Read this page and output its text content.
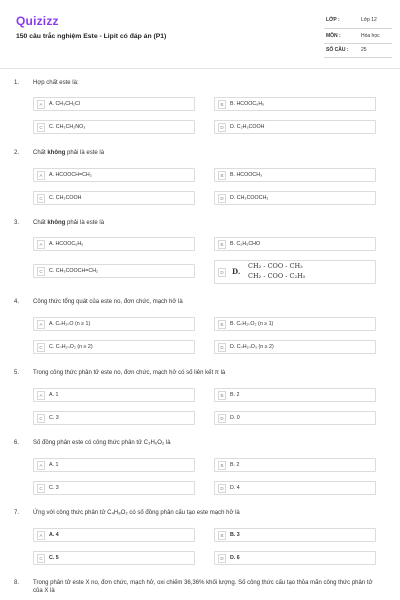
Quizizz
150 câu trắc nghiệm Este - Lipit có đáp án (P1)
LỚP :	Lớp 12
MÔN :	Hóa học
SỐ CÂU :	25
1. Hợp chất este là:
A	A. CH₃CH₂Cl	B	B. HCOOC₆H₅
C	C. CH₃CH₂NO₃	D	D. C₂H₅COOH
2. Chất không phải là este là
A	A. HCOOCH=CH₂	B	B. HCOOCH₃
C	C. CH₃COOH	D	D. CH₃COOCH₃
3. Chất không phải là este là
A	A. HCOOC₆H₅	B	B. C₂H₅CHO
C	C. CH₃COOCH=CH₂	D	D.
CH₂ - COO - CH₃
CH₂ - COO - C₂H₅
4. Công thức tổng quát của este no, đơn chức, mạch hở là
A	A. CₙH₂ₙO (n ≥ 1)	B	B. CₙH₂ₙO₂ (n ≥ 1)
C	C. CₙH₂ₙO₂ (n ≥ 2)	D	D. CₙH₂ₙO₃ (n ≥ 2)
5. Trong công thức phân tử este no, đơn chức, mạch hở có số liên kết π là
A	A. 1	B	B. 2
C	C. 3	D	D. 0
6. Số đồng phân este có công thức phân tử C₃H₆O₂ là
A	A. 1	B	B. 2
C	C. 3	D	D. 4
7. Ứng với công thức phân tử C₄H₈O₂ có số đồng phân cấu tạo este mạch hở là
A	A. 4	B	B. 3
C	C. 5	D	D. 6
8. Trong phân tử este X no, đơn chức, mạch hở, oxi chiếm 36,36% khối lượng. Số công thức cấu tạo thỏa mãn công thức phân tử của X là
